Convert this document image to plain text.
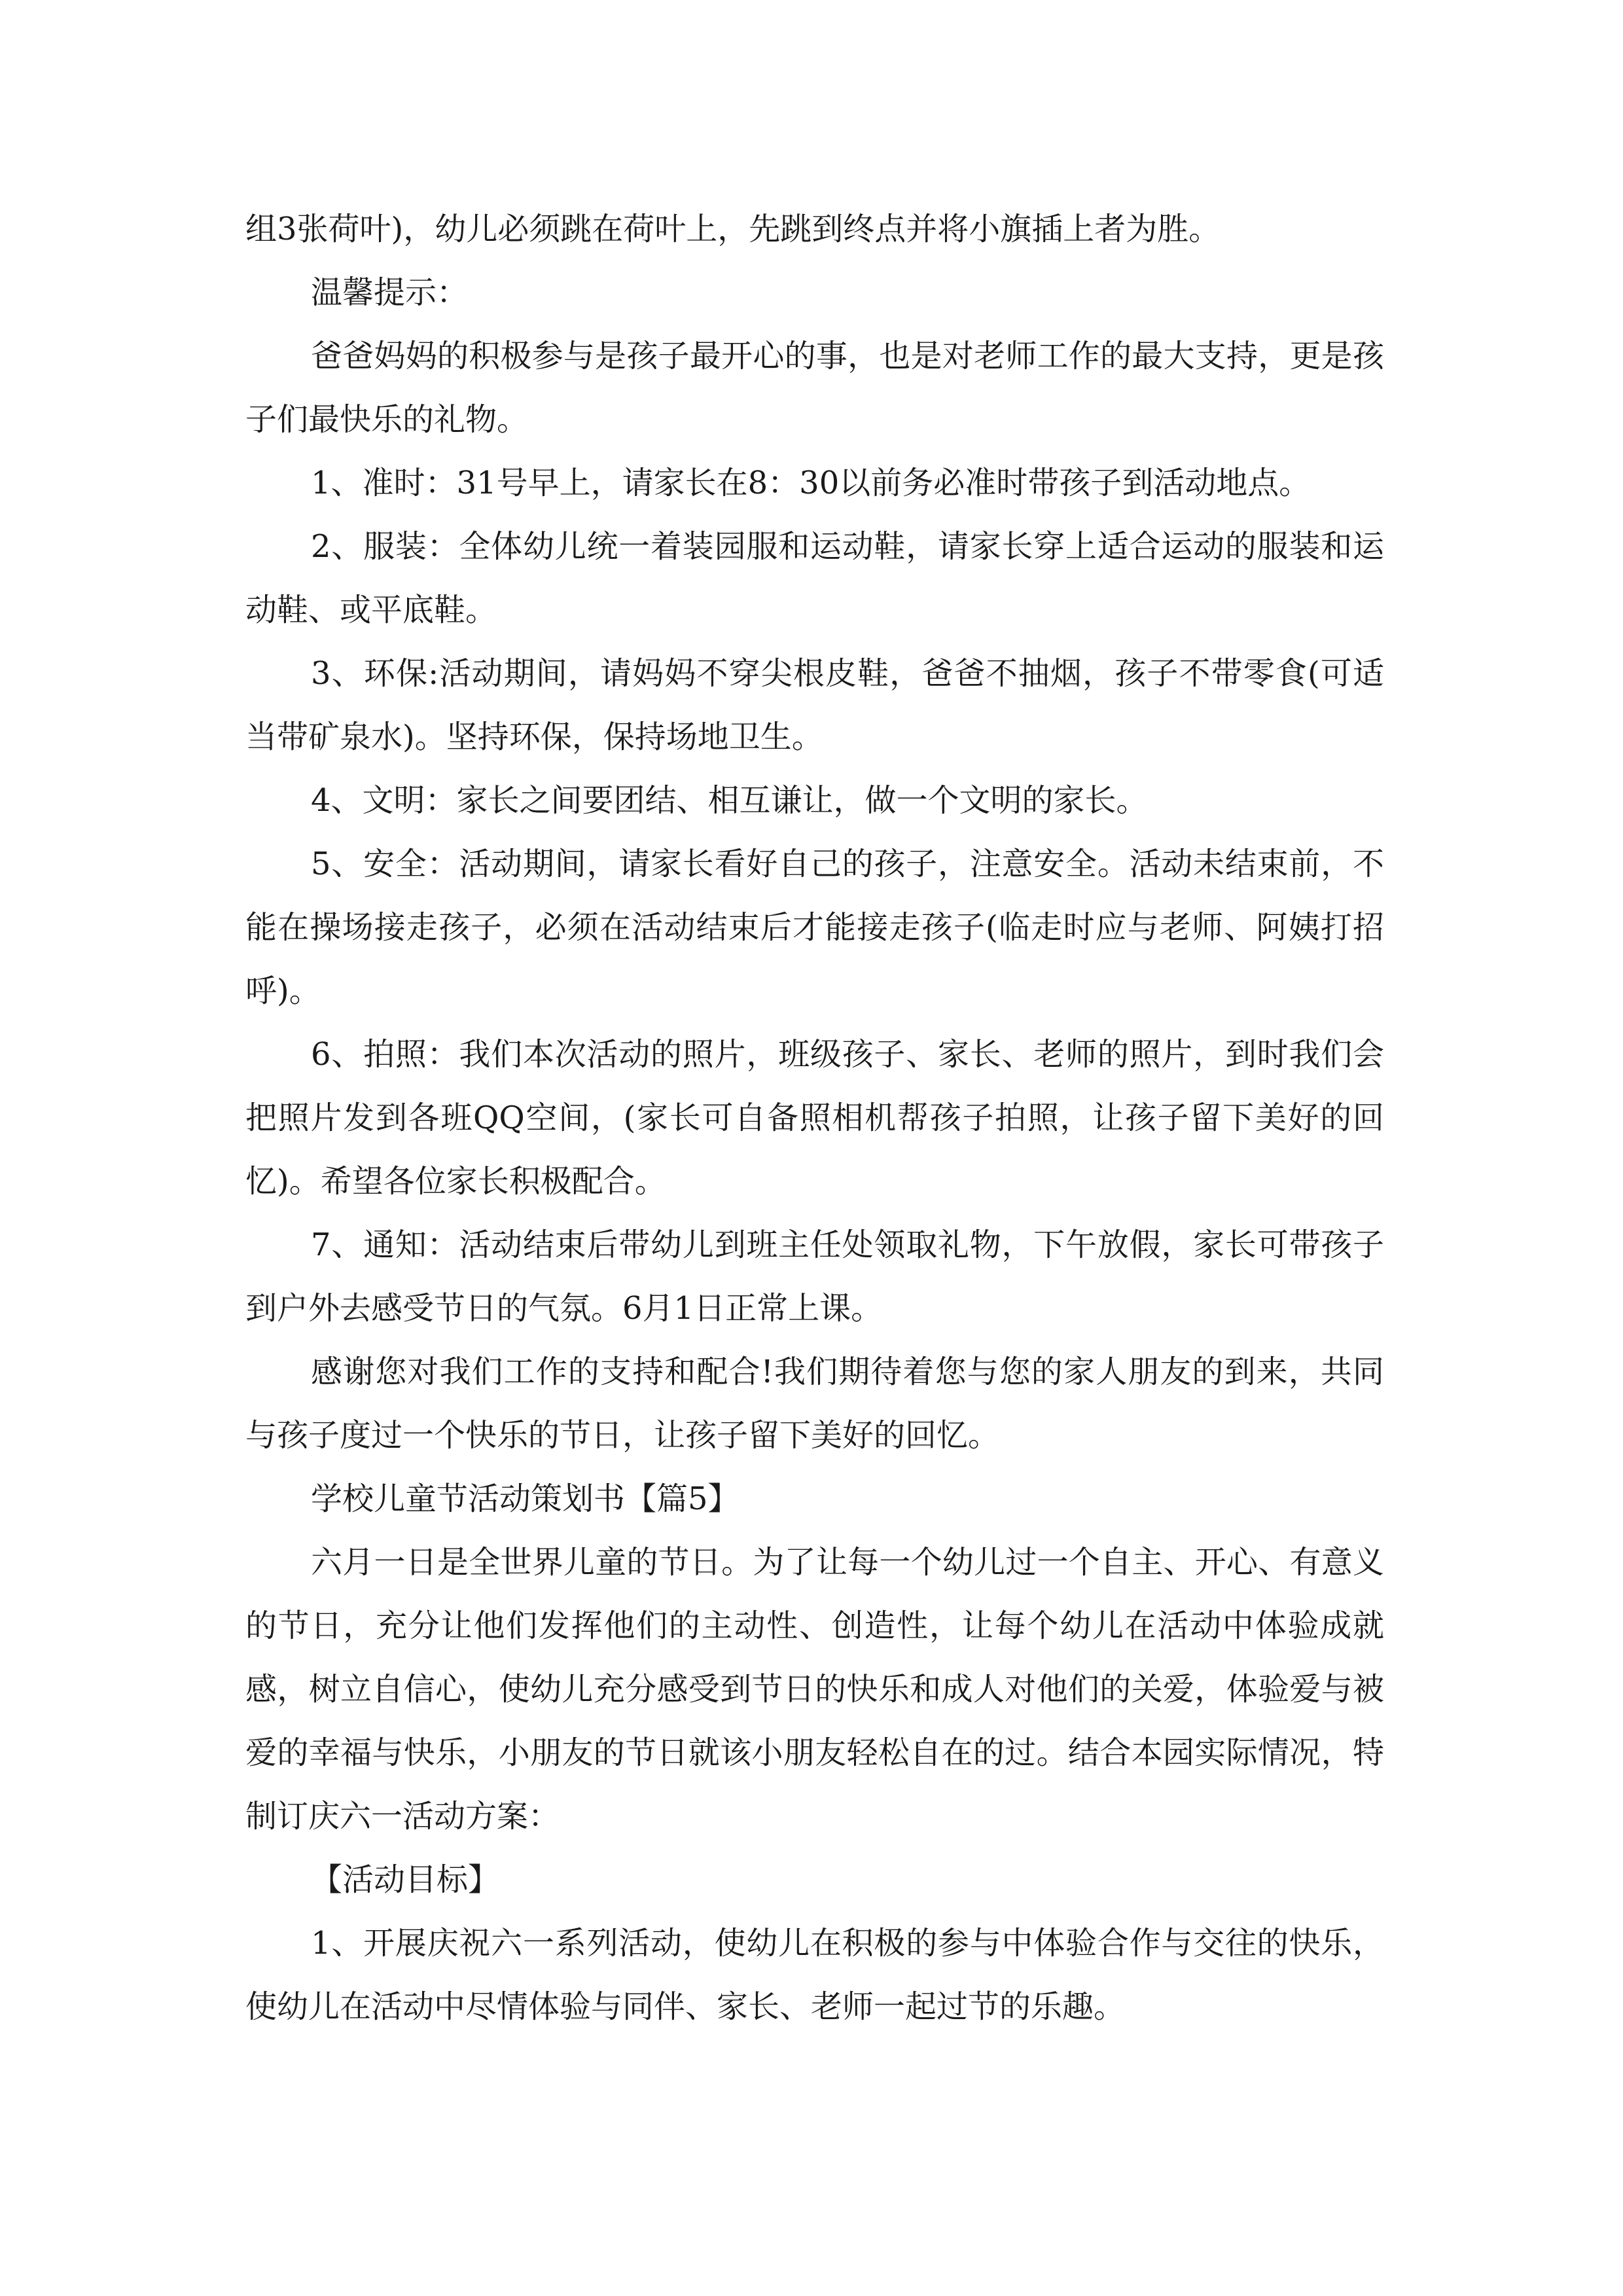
组3张荷叶)，幼儿必须跳在荷叶上，先跳到终点并将小旗插上者为胜。

温馨提示：

爸爸妈妈的积极参与是孩子最开心的事，也是对老师工作的最大支持，更是孩子们最快乐的礼物。

1、准时：31号早上，请家长在8：30以前务必准时带孩子到活动地点。

2、服装：全体幼儿统一着装园服和运动鞋，请家长穿上适合运动的服装和运动鞋、或平底鞋。

3、环保:活动期间，请妈妈不穿尖根皮鞋，爸爸不抽烟，孩子不带零食(可适当带矿泉水)。坚持环保，保持场地卫生。

4、文明：家长之间要团结、相互谦让，做一个文明的家长。

5、安全：活动期间，请家长看好自己的孩子，注意安全。活动未结束前，不能在操场接走孩子，必须在活动结束后才能接走孩子(临走时应与老师、阿姨打招呼)。

6、拍照：我们本次活动的照片，班级孩子、家长、老师的照片，到时我们会把照片发到各班QQ空间，(家长可自备照相机帮孩子拍照，让孩子留下美好的回忆)。希望各位家长积极配合。

7、通知：活动结束后带幼儿到班主任处领取礼物，下午放假，家长可带孩子到户外去感受节日的气氛。6月1日正常上课。

感谢您对我们工作的支持和配合!我们期待着您与您的家人朋友的到来，共同与孩子度过一个快乐的节日，让孩子留下美好的回忆。

学校儿童节活动策划书【篇5】

六月一日是全世界儿童的节日。为了让每一个幼儿过一个自主、开心、有意义的节日，充分让他们发挥他们的主动性、创造性，让每个幼儿在活动中体验成就感，树立自信心，使幼儿充分感受到节日的快乐和成人对他们的关爱，体验爱与被爱的幸福与快乐，小朋友的节日就该小朋友轻松自在的过。结合本园实际情况，特制订庆六一活动方案：

【活动目标】

1、开展庆祝六一系列活动，使幼儿在积极的参与中体验合作与交往的快乐，使幼儿在活动中尽情体验与同伴、家长、老师一起过节的乐趣。
